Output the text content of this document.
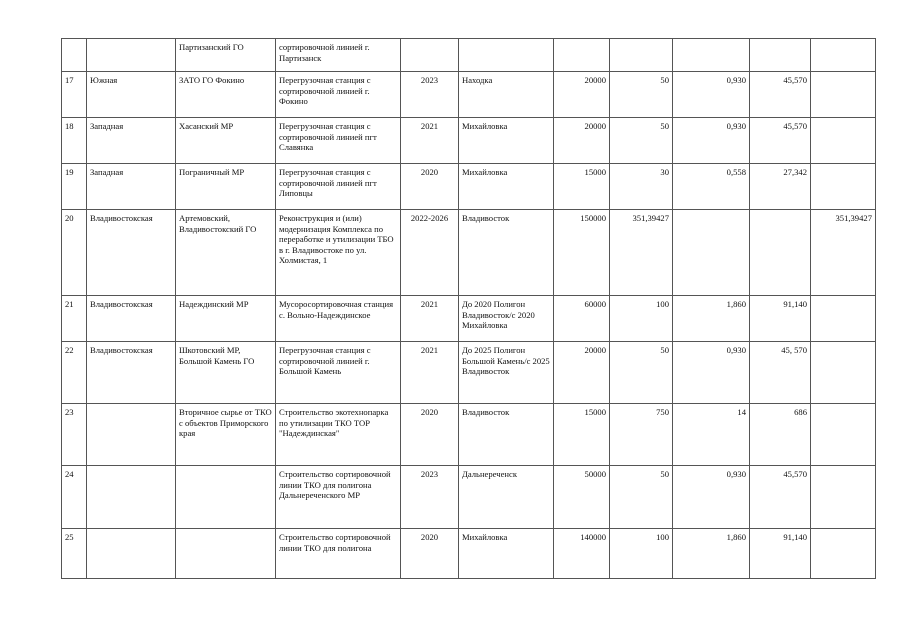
		Партизанский ГО	сортировочной линией г. Партизанск							
17	Южная	ЗАТО ГО Фокино	Перегрузочная станция с сортировочной линией г. Фокино	2023	Находка	20000	50	0,930	45,570	
18	Западная	Хасанский МР	Перегрузочная станция с сортировочной линией пгт Славянка	2021	Михайловка	20000	50	0,930	45,570	
19	Западная	Пограничный МР	Перегрузочная станция с сортировочной линией пгт Липовцы	2020	Михайловка	15000	30	0,558	27,342	
20	Владивостокская	Артемовский, Владивостокский ГО	Реконструкция и (или) модернизация Комплекса по переработке и утилизации ТБО в г. Владивостоке по ул. Холмистая, 1	2022-2026	Владивосток	150000	351,39427			351,39427
21	Владивостокская	Надеждинский МР	Мусоросортировочная станция с. Вольно-Надеждинское	2021	До 2020 Полигон Владивосток/с 2020 Михайловка	60000	100	1,860	91,140	
22	Владивостокская	Шкотовский МР, Большой Камень ГО	Перегрузочная станция с сортировочной линией г. Большой Камень	2021	До 2025 Полигон Большой Камень/с 2025 Владивосток	20000	50	0,930	45, 570	
23		Вторичное сырье от ТКО с объектов Приморского края	Строительство экотехнопарка по утилизации ТКО ТОР "Надеждинская"	2020	Владивосток	15000	750	14	686	
24			Строительство сортировочной линии ТКО для полигона Дальнереченского МР	2023	Дальнереченск	50000	50	0,930	45,570	
25			Строительство сортировочной линии ТКО для полигона	2020	Михайловка	140000	100	1,860	91,140	
